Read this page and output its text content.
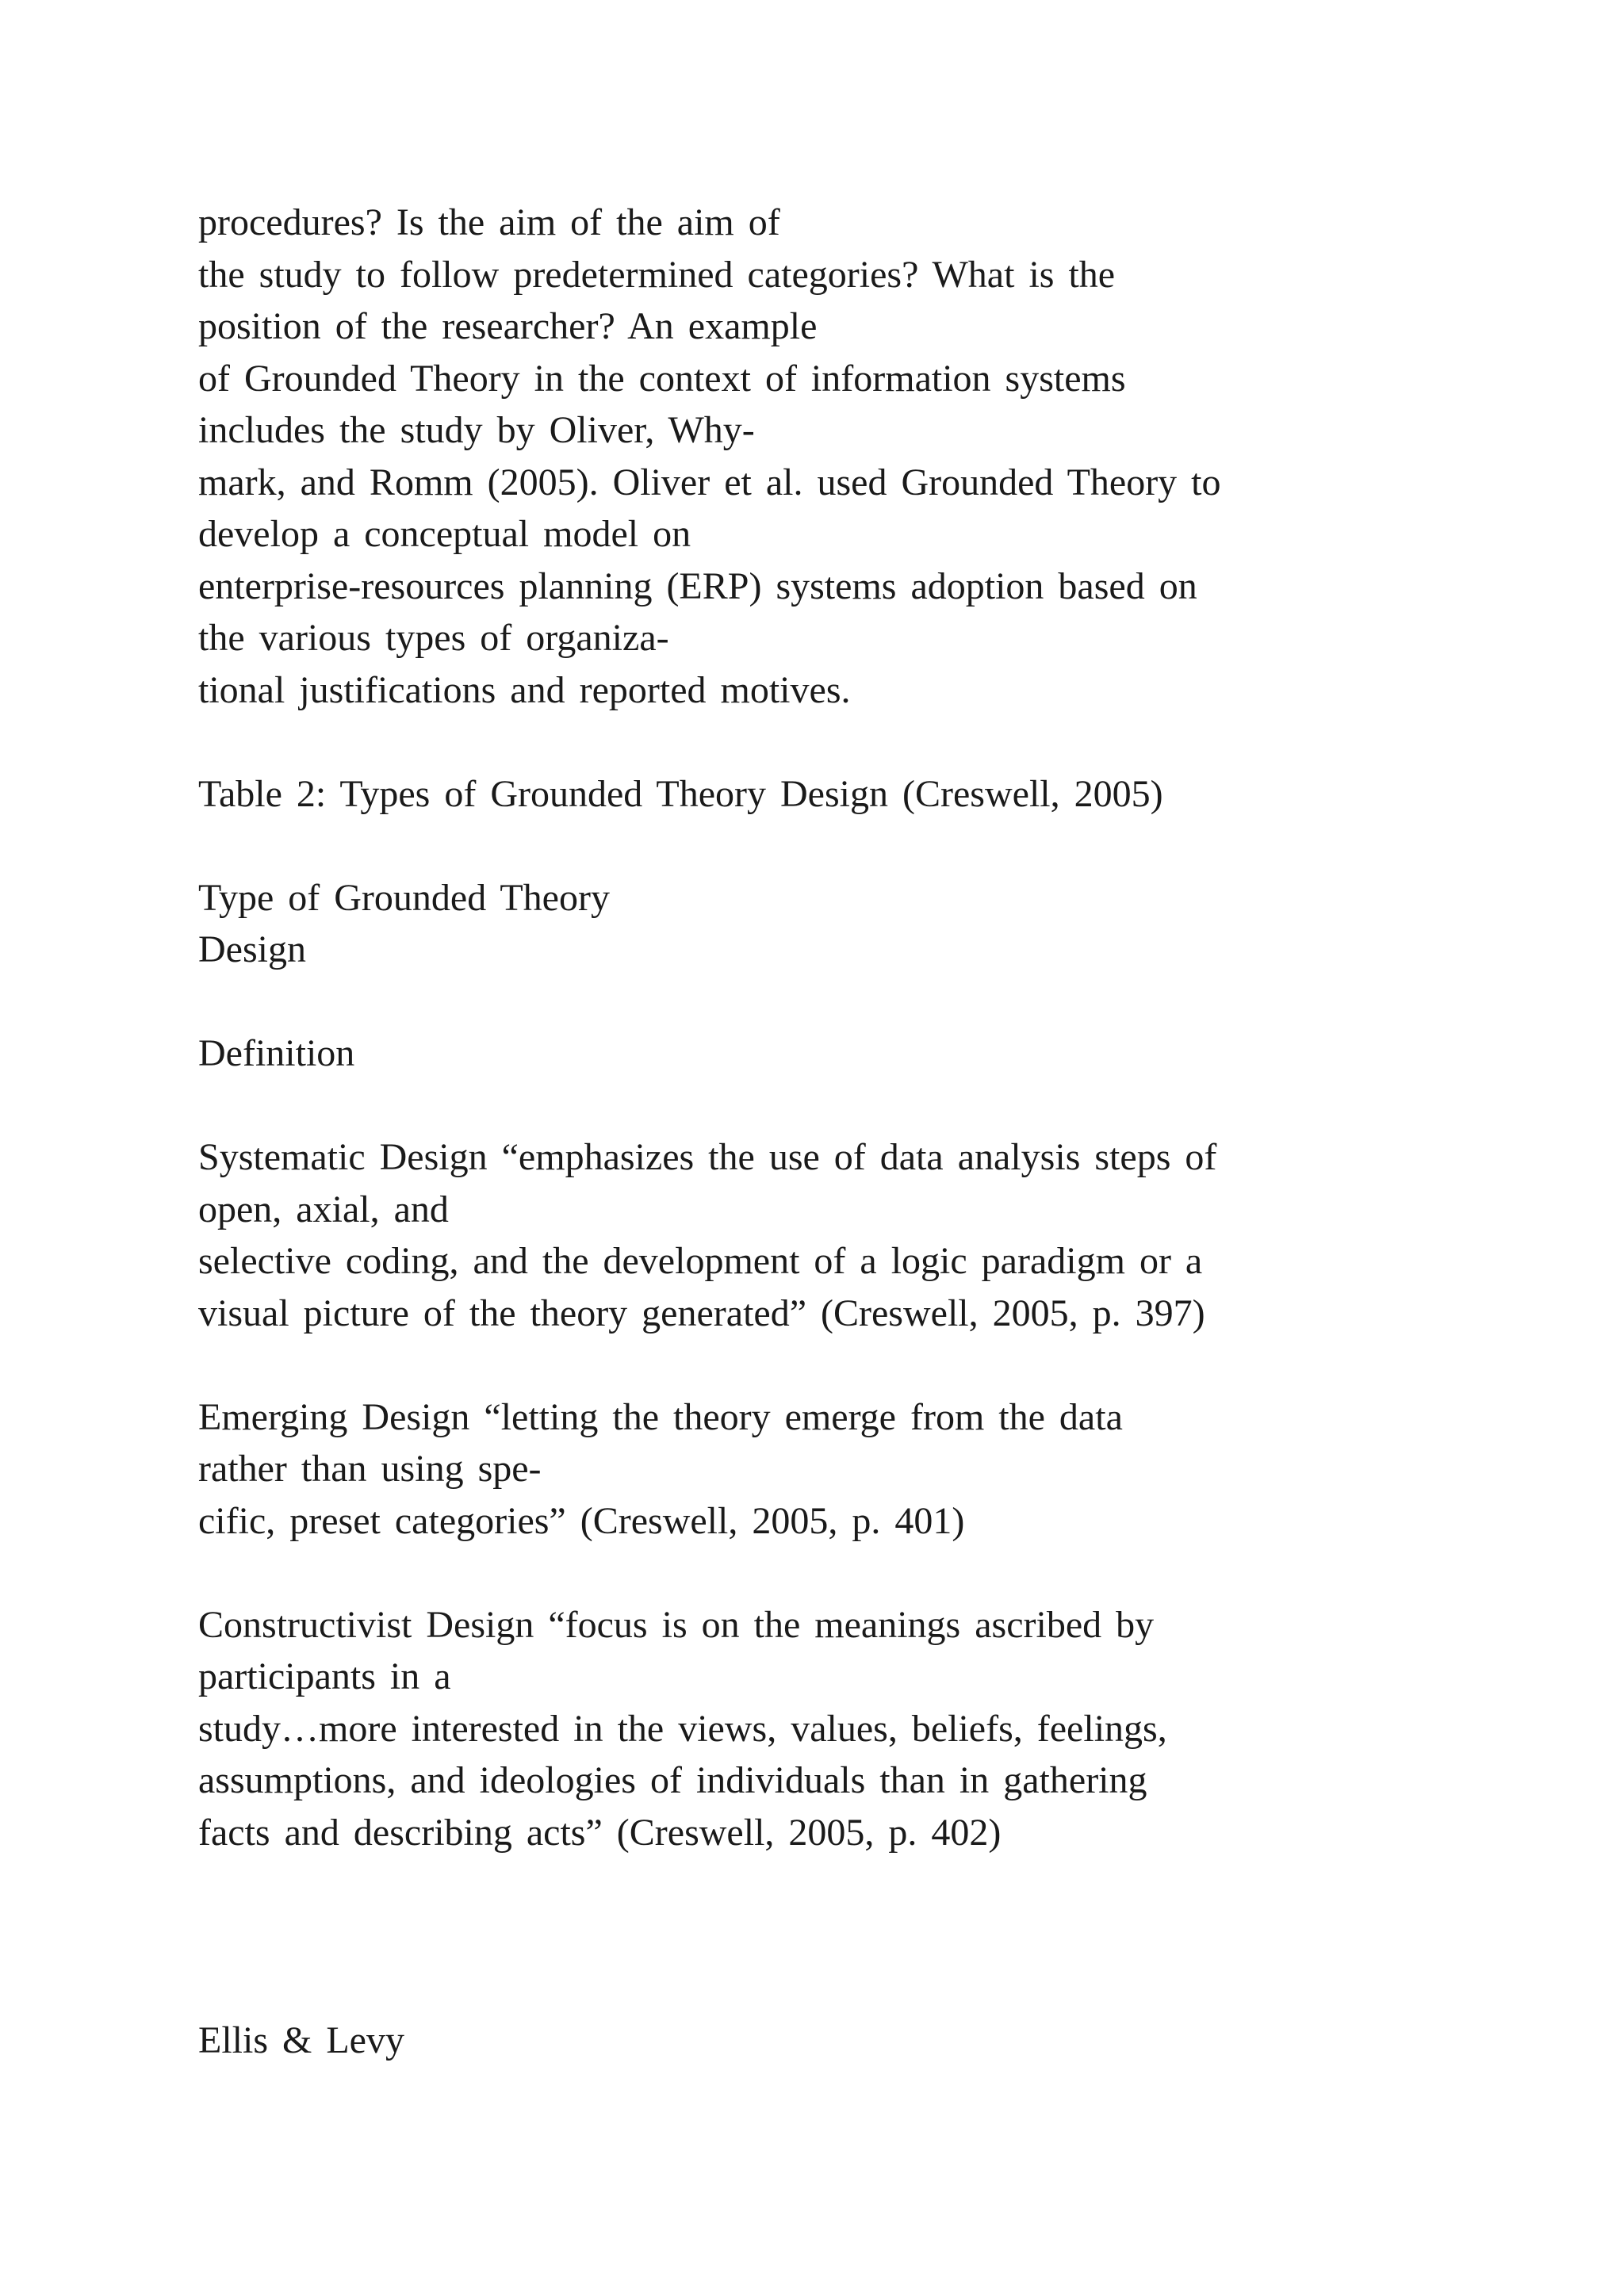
procedures? Is the aim of the aim of
the study to follow predetermined categories? What is the
position of the researcher? An example
of Grounded Theory in the context of information systems
includes the study by Oliver, Why-
mark, and Romm (2005). Oliver et al. used Grounded Theory to
develop a conceptual model on
enterprise-resources planning (ERP) systems adoption based on
the various types of organiza-
tional justifications and reported motives.
Table 2: Types of Grounded Theory Design (Creswell, 2005)
Type of Grounded Theory
Design
Definition
Systematic Design “emphasizes the use of data analysis steps of
open, axial, and
selective coding, and the development of a logic paradigm or a
visual picture of the theory generated” (Creswell, 2005, p. 397)
Emerging Design “letting the theory emerge from the data
rather than using spe-
cific, preset categories” (Creswell, 2005, p. 401)
Constructivist Design “focus is on the meanings ascribed by
participants in a
study…more interested in the views, values, beliefs, feelings,
assumptions, and ideologies of individuals than in gathering
facts and describing acts” (Creswell, 2005, p. 402)
Ellis & Levy
